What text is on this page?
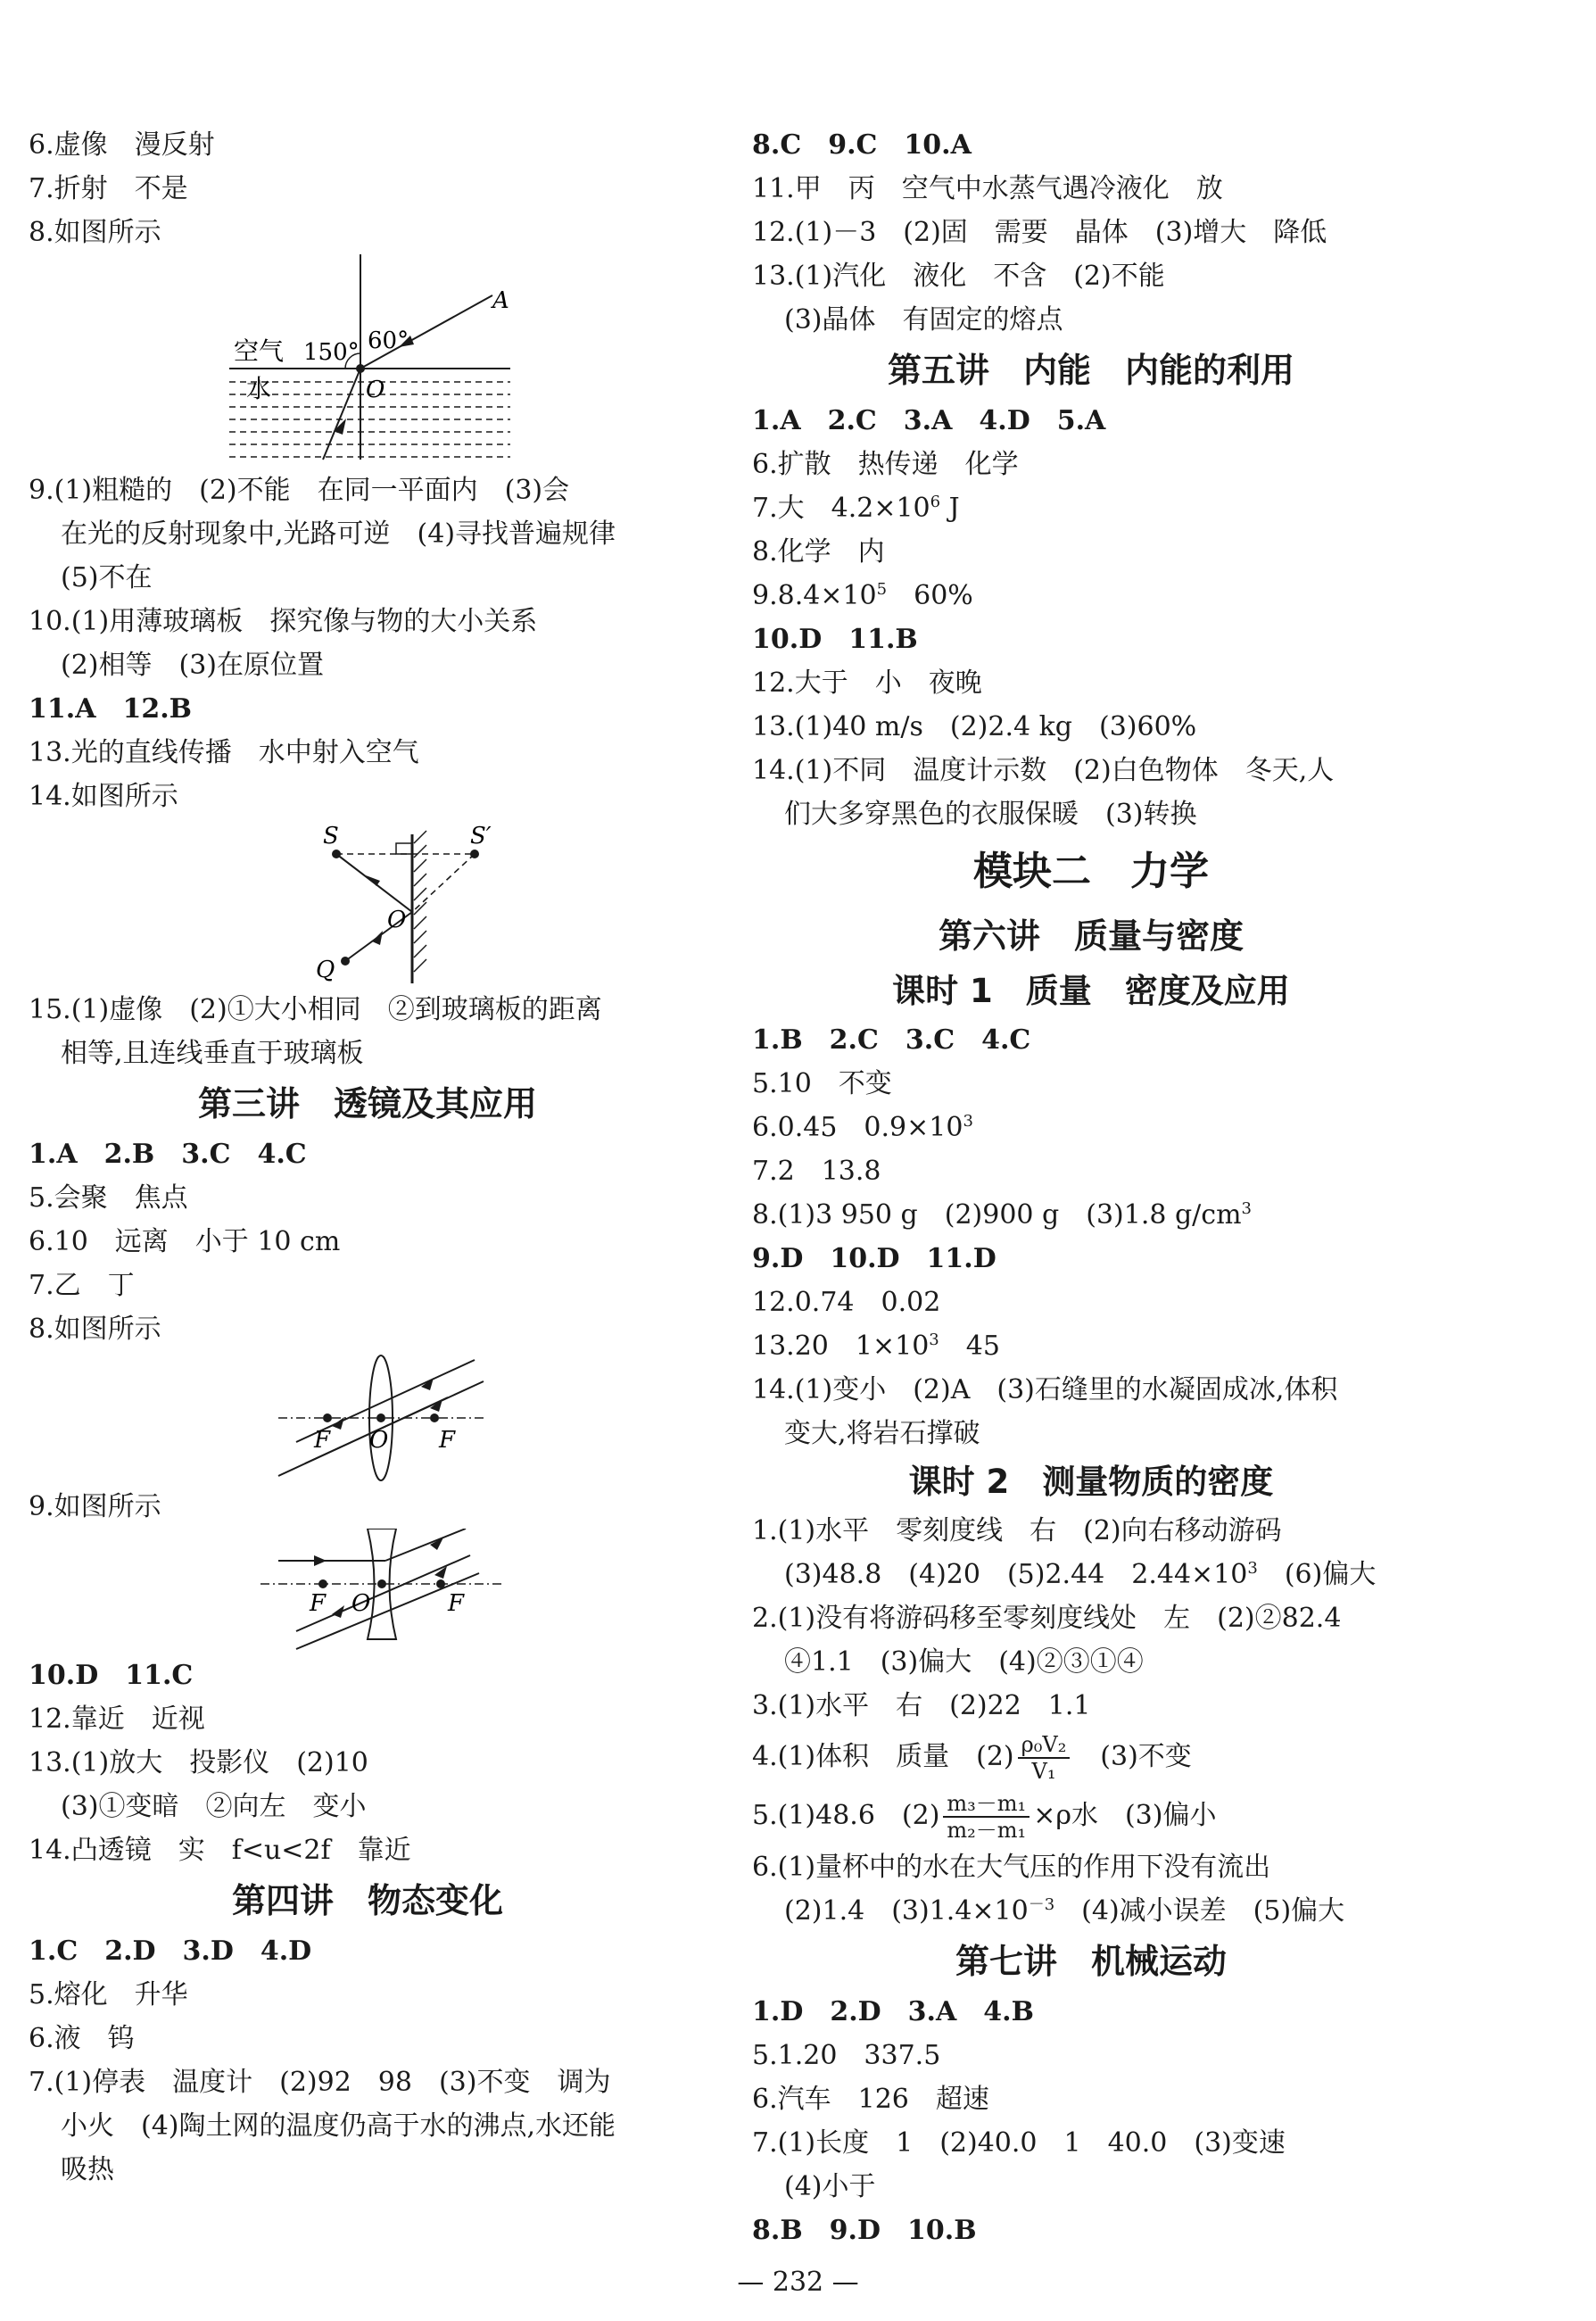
6.虚像　漫反射
7.折射　不是
8.如图所示
空气 150° 60°
A
水	O
9.(1)粗糙的　(2)不能　在同一平面内　(3)会
在光的反射现象中,光路可逆　(4)寻找普遍规律
(5)不在
10.(1)用薄玻璃板　探究像与物的大小关系
(2)相等　(3)在原位置
11.A　12.B
13.光的直线传播　水中射入空气
14.如图所示
S	S′
O
Q
15.(1)虚像　(2)①大小相同　②到玻璃板的距离
相等,且连线垂直于玻璃板
第三讲　透镜及其应用
1.A　2.B　3.C　4.C
5.会聚　焦点
6.10　远离　小于 10 cm
7.乙　丁
8.如图所示
F O F
9.如图所示
F O	F
10.D　11.C
12.靠近　近视
13.(1)放大　投影仪　(2)10
(3)①变暗　②向左　变小
14.凸透镜　实　f<u<2f　靠近
第四讲　物态变化
1.C　2.D　3.D　4.D
5.熔化　升华
6.液　钨
7.(1)停表　温度计　(2)92　98　(3)不变　调为
小火　(4)陶土网的温度仍高于水的沸点,水还能
吸热
8.C　9.C　10.A
11.甲　丙　空气中水蒸气遇冷液化　放
12.(1)－3　(2)固　需要　晶体　(3)增大　降低
13.(1)汽化　液化　不含　(2)不能
(3)晶体　有固定的熔点
第五讲　内能　内能的利用
1.A　2.C　3.A　4.D　5.A
6.扩散　热传递　化学
7.大　$4.2\times 10^6$ J
8.化学　内
$9.8.4\times 10^5$　60%
10.D　11.B
12.大于　小　夜晚
13.(1)40 m/s　(2)2.4 kg　(3)60%
14.(1)不同　温度计示数　(2)白色物体　冬天,人
们大多穿黑色的衣服保暖　(3)转换
模块二　力学
第六讲　质量与密度
课时 1　质量　密度及应用
1.B　2.C　3.C　4.C
5.10　不变
6.0.45　$0.9\times 10^3$
7.2　13.8
8.(1)3 950 g　(2)900 g　(3)1.8 $g/cm^3$
9.D　10.D　11.D
12.0.74　0.02
13.20　$1\times 10^3$　45
14.(1)变小　(2)A　(3)石缝里的水凝固成冰,体积
变大,将岩石撑破
课时 2　测量物质的密度
1.(1)水平　零刻度线　右　(2)向右移动游码
(3)48.8　(4)20　(5)2.44　$2.44\times 10^3$　(6)偏大
2.(1)没有将游码移至零刻度线处　左　(2)②82.4
④1.1　(3)偏大　(4)②③①④
3.(1)水平　右　(2)22　1.1
4.(1)体积　质量　$(2) \frac{\text{ρ₀V₂}}{\text{V₁}}$ 　(3)不变
5.(1)48.6　$(2) \frac{\text{m₃－m₁}}{\text{m₂－m₁}} \times\rho$水　(3)偏小
6.(1)量杯中的水在大气压的作用下没有流出
(2)1.4　$(3)1.4\times 10^{-3}$　(4)减小误差　(5)偏大
第七讲　机械运动
1.D　2.D　3.A　4.B
5.1.20　337.5
6.汽车　126　超速
7.(1)长度　1　(2)40.0　1　40.0　(3)变速
(4)小于
8.B　9.D　10.B
— 232 —
